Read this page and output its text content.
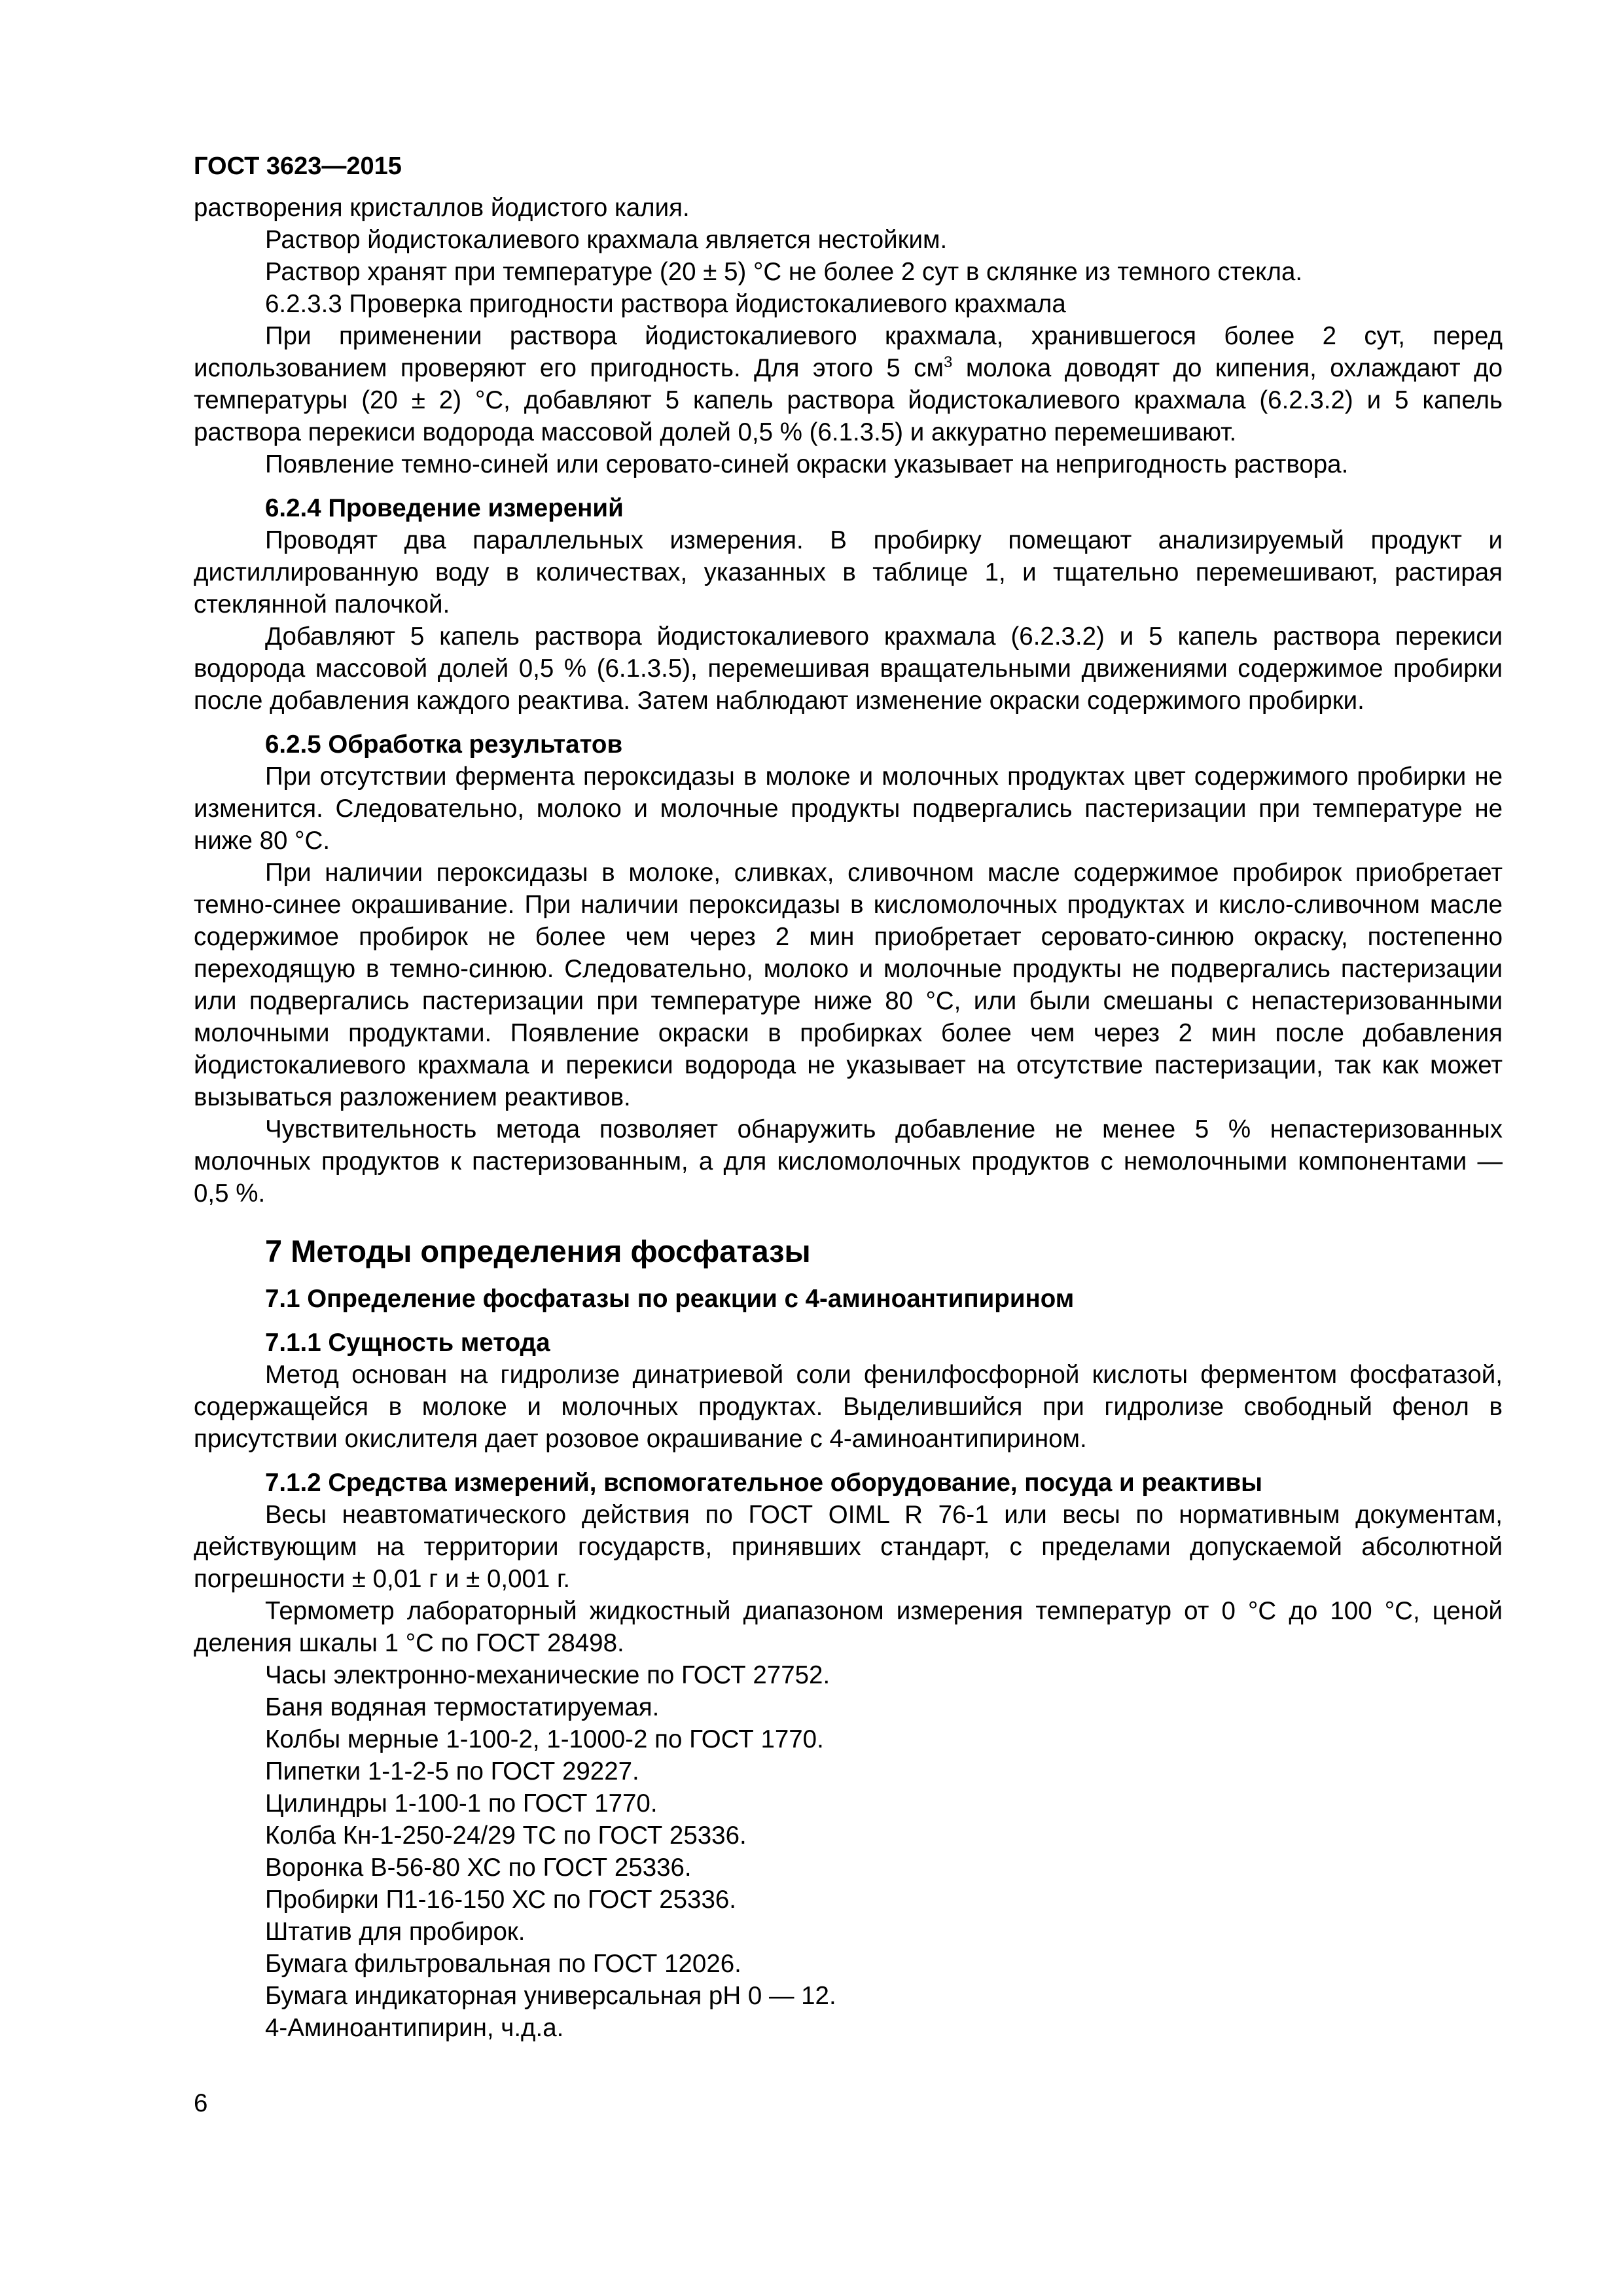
ГОСТ 3623—2015

растворения кристаллов йодистого калия.

Раствор йодистокалиевого крахмала является нестойким.

Раствор хранят при температуре (20 ± 5) °С не более 2 сут в склянке из темного стекла.

6.2.3.3 Проверка пригодности раствора йодистокалиевого крахмала

При применении раствора йодистокалиевого крахмала, хранившегося более 2 сут, перед использованием проверяют его пригодность. Для этого 5 $см^3$ молока доводят до кипения, охлаждают до температуры (20 ± 2) °С, добавляют 5 капель раствора йодистокалиевого крахмала (6.2.3.2) и 5 капель раствора перекиси водорода массовой долей 0,5 % (6.1.3.5) и аккуратно перемешивают.

Появление темно-синей или серовато-синей окраски указывает на непригодность раствора.

6.2.4 Проведение измерений

Проводят два параллельных измерения. В пробирку помещают анализируемый продукт и дистиллированную воду в количествах, указанных в таблице 1, и тщательно перемешивают, растирая стеклянной палочкой.

Добавляют 5 капель раствора йодистокалиевого крахмала (6.2.3.2) и 5 капель раствора перекиси водорода массовой долей 0,5 % (6.1.3.5), перемешивая вращательными движениями содержимое пробирки после добавления каждого реактива. Затем наблюдают изменение окраски содержимого пробирки.

6.2.5 Обработка результатов

При отсутствии фермента пероксидазы в молоке и молочных продуктах цвет содержимого пробирки не изменится. Следовательно, молоко и молочные продукты подвергались пастеризации при температуре не ниже 80 °С.

При наличии пероксидазы в молоке, сливках, сливочном масле содержимое пробирок приобретает темно-синее окрашивание. При наличии пероксидазы в кисломолочных продуктах и кисло-сливочном масле содержимое пробирок не более чем через 2 мин приобретает серовато-синюю окраску, постепенно переходящую в темно-синюю. Следовательно, молоко и молочные продукты не подвергались пастеризации или подвергались пастеризации при температуре ниже 80 °С, или были смешаны с непастеризованными молочными продуктами. Появление окраски в пробирках более чем через 2 мин после добавления йодистокалиевого крахмала и перекиси водорода не указывает на отсутствие пастеризации, так как может вызываться разложением реактивов.

Чувствительность метода позволяет обнаружить добавление не менее 5 % непастеризованных молочных продуктов к пастеризованным, а для кисломолочных продуктов с немолочными компонентами — 0,5 %.

7 Методы определения фосфатазы

7.1 Определение фосфатазы по реакции с 4-аминоантипирином

7.1.1 Сущность метода

Метод основан на гидролизе динатриевой соли фенилфосфорной кислоты ферментом фосфатазой, содержащейся в молоке и молочных продуктах. Выделившийся при гидролизе свободный фенол в присутствии окислителя дает розовое окрашивание с 4-аминоантипирином.

7.1.2 Средства измерений, вспомогательное оборудование, посуда и реактивы

Весы неавтоматического действия по ГОСТ OIML R 76-1 или весы по нормативным документам, действующим на территории государств, принявших стандарт, с пределами допускаемой абсолютной погрешности ± 0,01 г и ± 0,001 г.

Термометр лабораторный жидкостный диапазоном измерения температур от 0 °С до 100 °С, ценой деления шкалы 1 °С по ГОСТ 28498.

Часы электронно-механические по ГОСТ 27752.

Баня водяная термостатируемая.

Колбы мерные 1-100-2, 1-1000-2 по ГОСТ 1770.

Пипетки 1-1-2-5 по ГОСТ 29227.

Цилиндры 1-100-1 по ГОСТ 1770.

Колба Кн-1-250-24/29 ТС по ГОСТ 25336.

Воронка В-56-80 ХС по ГОСТ 25336.

Пробирки П1-16-150 ХС по ГОСТ 25336.

Штатив для пробирок.

Бумага фильтровальная по ГОСТ 12026.

Бумага индикаторная универсальная рН 0 — 12.

4-Аминоантипирин, ч.д.а.

6
